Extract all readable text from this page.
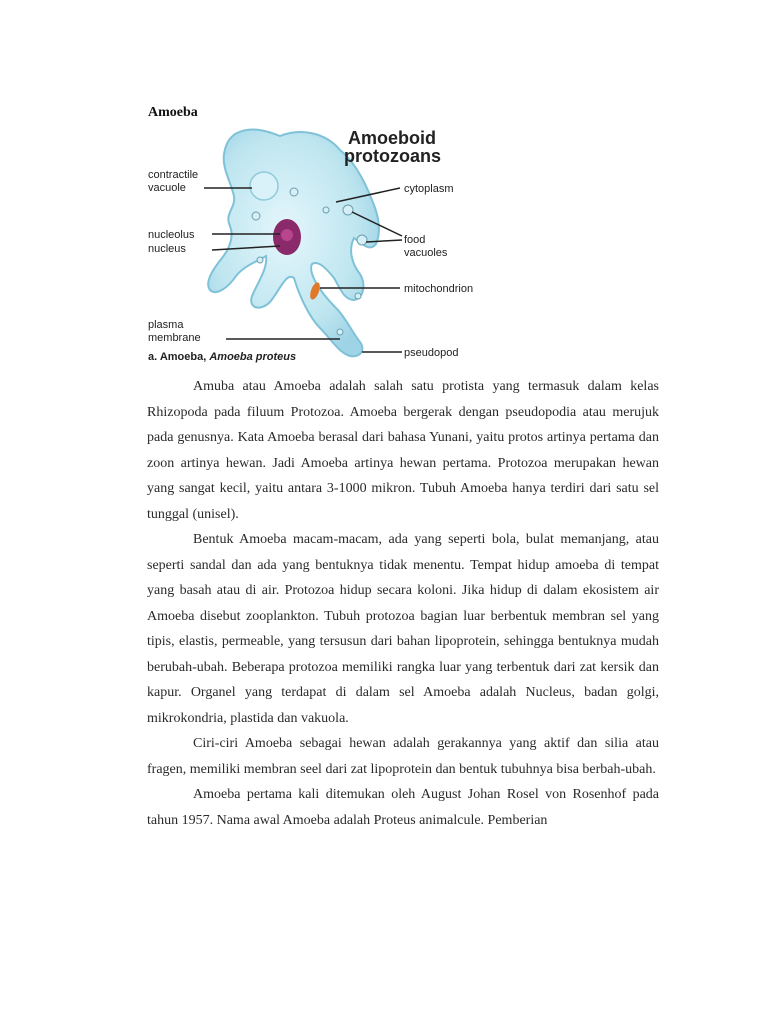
Amoeba
Amoeboid
protozoans
contractile
vacuole
nucleolus
nucleus
plasma
membrane
cytoplasm
food
vacuoles
mitochondrion
pseudopod
a. Amoeba, Amoeba proteus

Amuba atau Amoeba adalah salah satu protista yang termasuk dalam kelas Rhizopoda pada filuum Protozoa. Amoeba bergerak dengan pseudopodia atau merujuk pada genusnya. Kata Amoeba berasal dari bahasa Yunani, yaitu protos artinya pertama dan zoon artinya hewan. Jadi Amoeba artinya hewan pertama. Protozoa merupakan hewan yang sangat kecil, yaitu antara 3-1000 mikron. Tubuh Amoeba hanya terdiri dari satu sel tunggal (unisel).

Bentuk Amoeba macam-macam, ada yang seperti bola, bulat memanjang, atau seperti sandal dan ada yang bentuknya tidak menentu. Tempat hidup amoeba di tempat yang basah atau di air. Protozoa hidup secara koloni. Jika hidup di dalam ekosistem air Amoeba disebut zooplankton. Tubuh protozoa bagian luar berbentuk membran sel yang tipis, elastis, permeable, yang tersusun dari bahan lipoprotein, sehingga bentuknya mudah berubah-ubah. Beberapa protozoa memiliki rangka luar yang terbentuk dari zat kersik dan kapur. Organel yang terdapat di dalam sel Amoeba adalah Nucleus, badan golgi, mikrokondria, plastida dan vakuola.

Ciri-ciri Amoeba sebagai hewan adalah gerakannya yang aktif dan silia atau fragen, memiliki membran seel dari zat lipoprotein dan bentuk tubuhnya bisa berbah-ubah.

Amoeba pertama kali ditemukan oleh August Johan Rosel von Rosenhof pada tahun 1957. Nama awal Amoeba adalah Proteus animalcule. Pemberian
